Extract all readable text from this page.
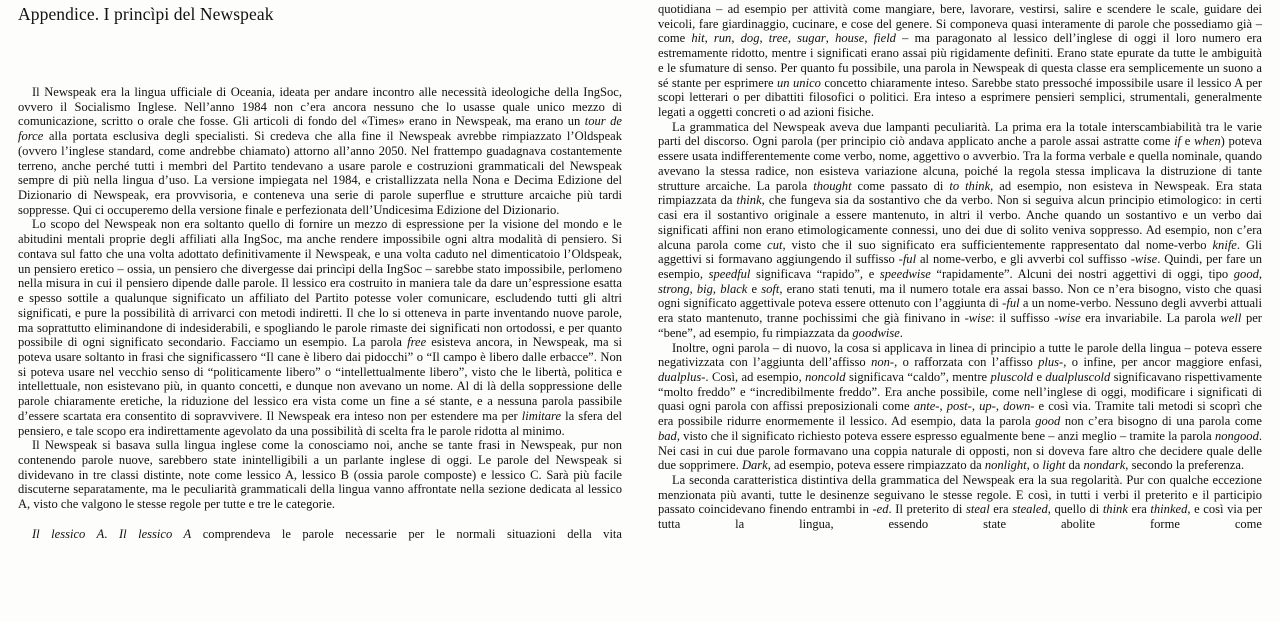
Appendice. I princìpi del Newspeak

Il Newspeak era la lingua ufficiale di Oceania, ideata per andare incontro alle necessità ideologiche della IngSoc, ovvero il Socialismo Inglese. Nell’anno 1984 non c’era ancora nessuno che lo usasse quale unico mezzo di comunicazione, scritto o orale che fosse. Gli articoli di fondo del «Times» erano in Newspeak, ma erano un tour de force alla portata esclusiva degli specialisti. Si credeva che alla fine il Newspeak avrebbe rimpiazzato l’Oldspeak (ovvero l’inglese standard, come andrebbe chiamato) attorno all’anno 2050. Nel frattempo guadagnava costantemente terreno, anche perché tutti i membri del Partito tendevano a usare parole e costruzioni grammaticali del Newspeak sempre di più nella lingua d’uso. La versione impiegata nel 1984, e cristallizzata nella Nona e Decima Edizione del Dizionario di Newspeak, era provvisoria, e conteneva una serie di parole superflue e strutture arcaiche più tardi soppresse. Qui ci occuperemo della versione finale e perfezionata dell’Undicesima Edizione del Dizionario.

Lo scopo del Newspeak non era soltanto quello di fornire un mezzo di espressione per la visione del mondo e le abitudini mentali proprie degli affiliati alla IngSoc, ma anche rendere impossibile ogni altra modalità di pensiero. Si contava sul fatto che una volta adottato definitivamente il Newspeak, e una volta caduto nel dimenticatoio l’Oldspeak, un pensiero eretico – ossia, un pensiero che divergesse dai princìpi della IngSoc – sarebbe stato impossibile, perlomeno nella misura in cui il pensiero dipende dalle parole. Il lessico era costruito in maniera tale da dare un’espressione esatta e spesso sottile a qualunque significato un affiliato del Partito potesse voler comunicare, escludendo tutti gli altri significati, e pure la possibilità di arrivarci con metodi indiretti. Il che lo si otteneva in parte inventando nuove parole, ma soprattutto eliminandone di indesiderabili, e spogliando le parole rimaste dei significati non ortodossi, e per quanto possibile di ogni significato secondario. Facciamo un esempio. La parola free esisteva ancora, in Newspeak, ma si poteva usare soltanto in frasi che significassero “Il cane è libero dai pidocchi” o “Il campo è libero dalle erbacce”. Non si poteva usare nel vecchio senso di “politicamente libero” o “intellettualmente libero”, visto che le libertà, politica e intellettuale, non esistevano più, in quanto concetti, e dunque non avevano un nome. Al di là della soppressione delle parole chiaramente eretiche, la riduzione del lessico era vista come un fine a sé stante, e a nessuna parola passibile d’essere scartata era consentito di sopravvivere. Il Newspeak era inteso non per estendere ma per limitare la sfera del pensiero, e tale scopo era indirettamente agevolato da una possibilità di scelta fra le parole ridotta al minimo.

Il Newspeak si basava sulla lingua inglese come la conosciamo noi, anche se tante frasi in Newspeak, pur non contenendo parole nuove, sarebbero state inintelligibili a un parlante inglese di oggi. Le parole del Newspeak si dividevano in tre classi distinte, note come lessico A, lessico B (ossia parole composte) e lessico C. Sarà più facile discuterne separatamente, ma le peculiarità grammaticali della lingua vanno affrontate nella sezione dedicata al lessico A, visto che valgono le stesse regole per tutte e tre le categorie.

Il lessico A. Il lessico A comprendeva le parole necessarie per le normali situazioni della vita

quotidiana – ad esempio per attività come mangiare, bere, lavorare, vestirsi, salire e scendere le scale, guidare dei veicoli, fare giardinaggio, cucinare, e cose del genere. Si componeva quasi interamente di parole che possediamo già – come hit, run, dog, tree, sugar, house, field – ma paragonato al lessico dell’inglese di oggi il loro numero era estremamente ridotto, mentre i significati erano assai più rigidamente definiti. Erano state epurate da tutte le ambiguità e le sfumature di senso. Per quanto fu possibile, una parola in Newspeak di questa classe era semplicemente un suono a sé stante per esprimere un unico concetto chiaramente inteso. Sarebbe stato pressoché impossibile usare il lessico A per scopi letterari o per dibattiti filosofici o politici. Era inteso a esprimere pensieri semplici, strumentali, generalmente legati a oggetti concreti o ad azioni fisiche.

La grammatica del Newspeak aveva due lampanti peculiarità. La prima era la totale interscambiabilità tra le varie parti del discorso. Ogni parola (per principio ciò andava applicato anche a parole assai astratte come if e when) poteva essere usata indifferentemente come verbo, nome, aggettivo o avverbio. Tra la forma verbale e quella nominale, quando avevano la stessa radice, non esisteva variazione alcuna, poiché la regola stessa implicava la distruzione di tante strutture arcaiche. La parola thought come passato di to think, ad esempio, non esisteva in Newspeak. Era stata rimpiazzata da think, che fungeva sia da sostantivo che da verbo. Non si seguiva alcun principio etimologico: in certi casi era il sostantivo originale a essere mantenuto, in altri il verbo. Anche quando un sostantivo e un verbo dai significati affini non erano etimologicamente connessi, uno dei due di solito veniva soppresso. Ad esempio, non c’era alcuna parola come cut, visto che il suo significato era sufficientemente rappresentato dal nome-verbo knife. Gli aggettivi si formavano aggiungendo il suffisso -ful al nome-verbo, e gli avverbi col suffisso -wise. Quindi, per fare un esempio, speedful significava “rapido”, e speedwise “rapidamente”. Alcuni dei nostri aggettivi di oggi, tipo good, strong, big, black e soft, erano stati tenuti, ma il numero totale era assai basso. Non ce n’era bisogno, visto che quasi ogni significato aggettivale poteva essere ottenuto con l’aggiunta di -ful a un nome-verbo. Nessuno degli avverbi attuali era stato mantenuto, tranne pochissimi che già finivano in -wise: il suffisso -wise era invariabile. La parola well per “bene”, ad esempio, fu rimpiazzata da goodwise.

Inoltre, ogni parola – di nuovo, la cosa si applicava in linea di principio a tutte le parole della lingua – poteva essere negativizzata con l’aggiunta dell’affisso non-, o rafforzata con l’affisso plus-, o infine, per ancor maggiore enfasi, dualplus-. Così, ad esempio, noncold significava “caldo”, mentre pluscold e dualpluscold significavano rispettivamente “molto freddo” e “incredibilmente freddo”. Era anche possibile, come nell’inglese di oggi, modificare i significati di quasi ogni parola con affissi preposizionali come ante-, post-, up-, down- e così via. Tramite tali metodi si scoprì che era possibile ridurre enormemente il lessico. Ad esempio, data la parola good non c’era bisogno di una parola come bad, visto che il significato richiesto poteva essere espresso egualmente bene – anzi meglio – tramite la parola nongood. Nei casi in cui due parole formavano una coppia naturale di opposti, non si doveva fare altro che decidere quale delle due sopprimere. Dark, ad esempio, poteva essere rimpiazzato da nonlight, o light da nondark, secondo la preferenza.

La seconda caratteristica distintiva della grammatica del Newspeak era la sua regolarità. Pur con qualche eccezione menzionata più avanti, tutte le desinenze seguivano le stesse regole. E così, in tutti i verbi il preterito e il participio passato coincidevano finendo entrambi in -ed. Il preterito di steal era stealed, quello di think era thinked, e così via per tutta la lingua, essendo state abolite forme come
